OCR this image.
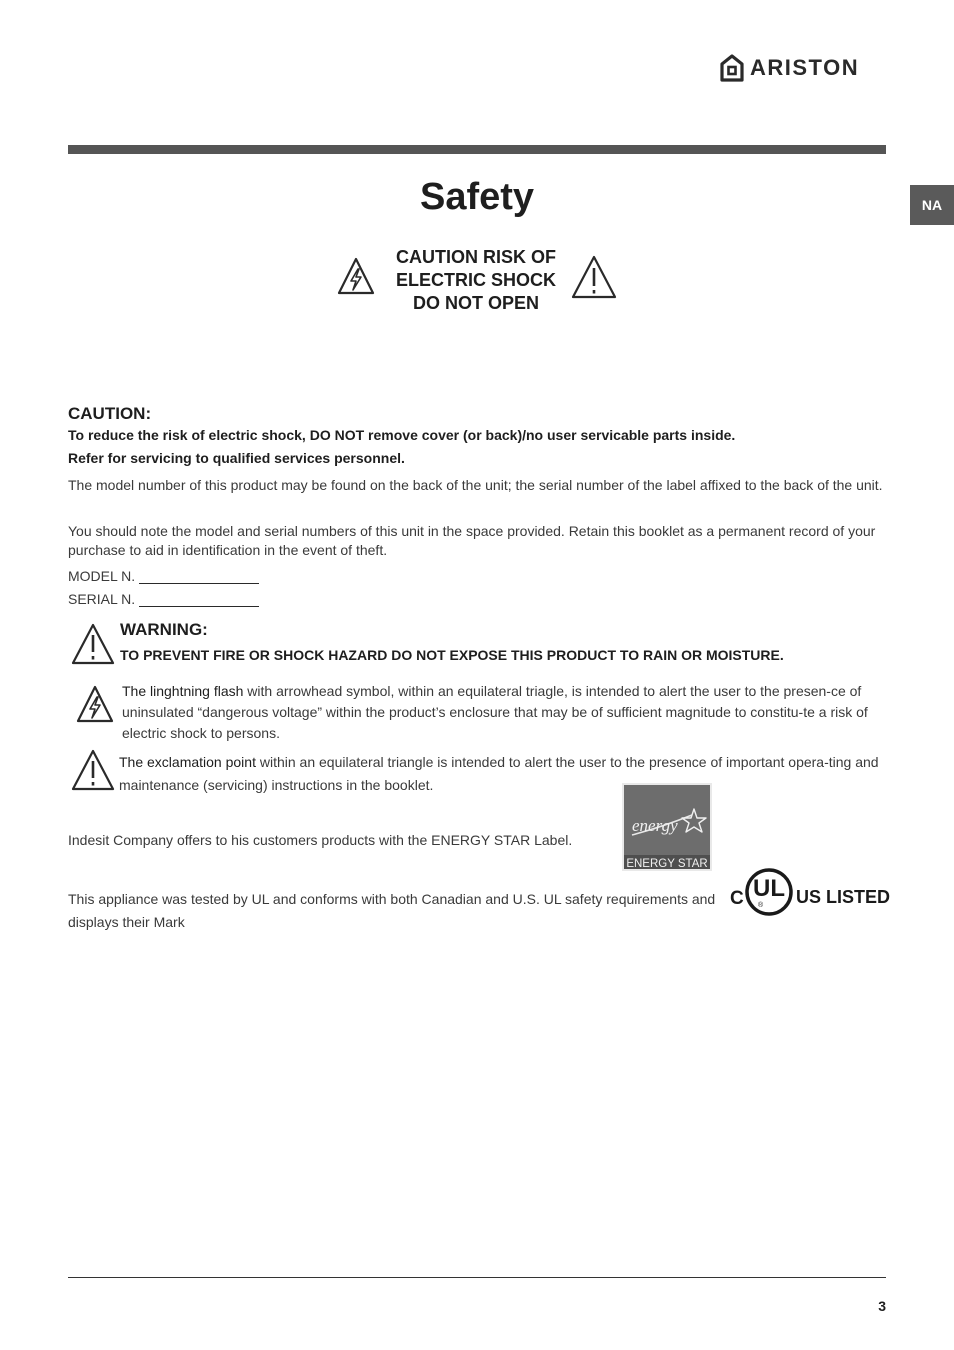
ARISTON
NA
Safety
CAUTION RISK OF ELECTRIC SHOCK DO NOT OPEN
CAUTION:
To reduce the risk of electric shock, DO NOT remove cover (or back)/no user servicable parts inside.
Refer for servicing to qualified services personnel.
The model number of this product may be found on the back of the unit; the serial number of the label affixed to the back of the unit.
You should note the model and serial numbers of this unit in the space provided. Retain this booklet as a permanent record of your purchase to aid in identification in the event of theft.
MODEL N.
SERIAL N.
WARNING:
TO PREVENT FIRE OR SHOCK HAZARD DO NOT EXPOSE THIS PRODUCT TO RAIN OR MOISTURE.
The linghtning flash with arrowhead symbol, within an equilateral triagle, is intended to alert the user to the presen-ce of uninsulated “dangerous voltage” within the product’s enclosure that may be of sufficient magnitude to constitu-te a risk of electric shock to persons.
The exclamation point within an equilateral triangle is intended to alert the user to the presence of important opera-ting and maintenance (servicing) instructions in the booklet.
Indesit Company offers to his customers products with the ENERGY STAR Label.
energy
ENERGY STAR
This appliance was tested by UL and conforms with both Canadian and U.S. UL safety requirements and displays their Mark
C UL
® US LISTED
3
